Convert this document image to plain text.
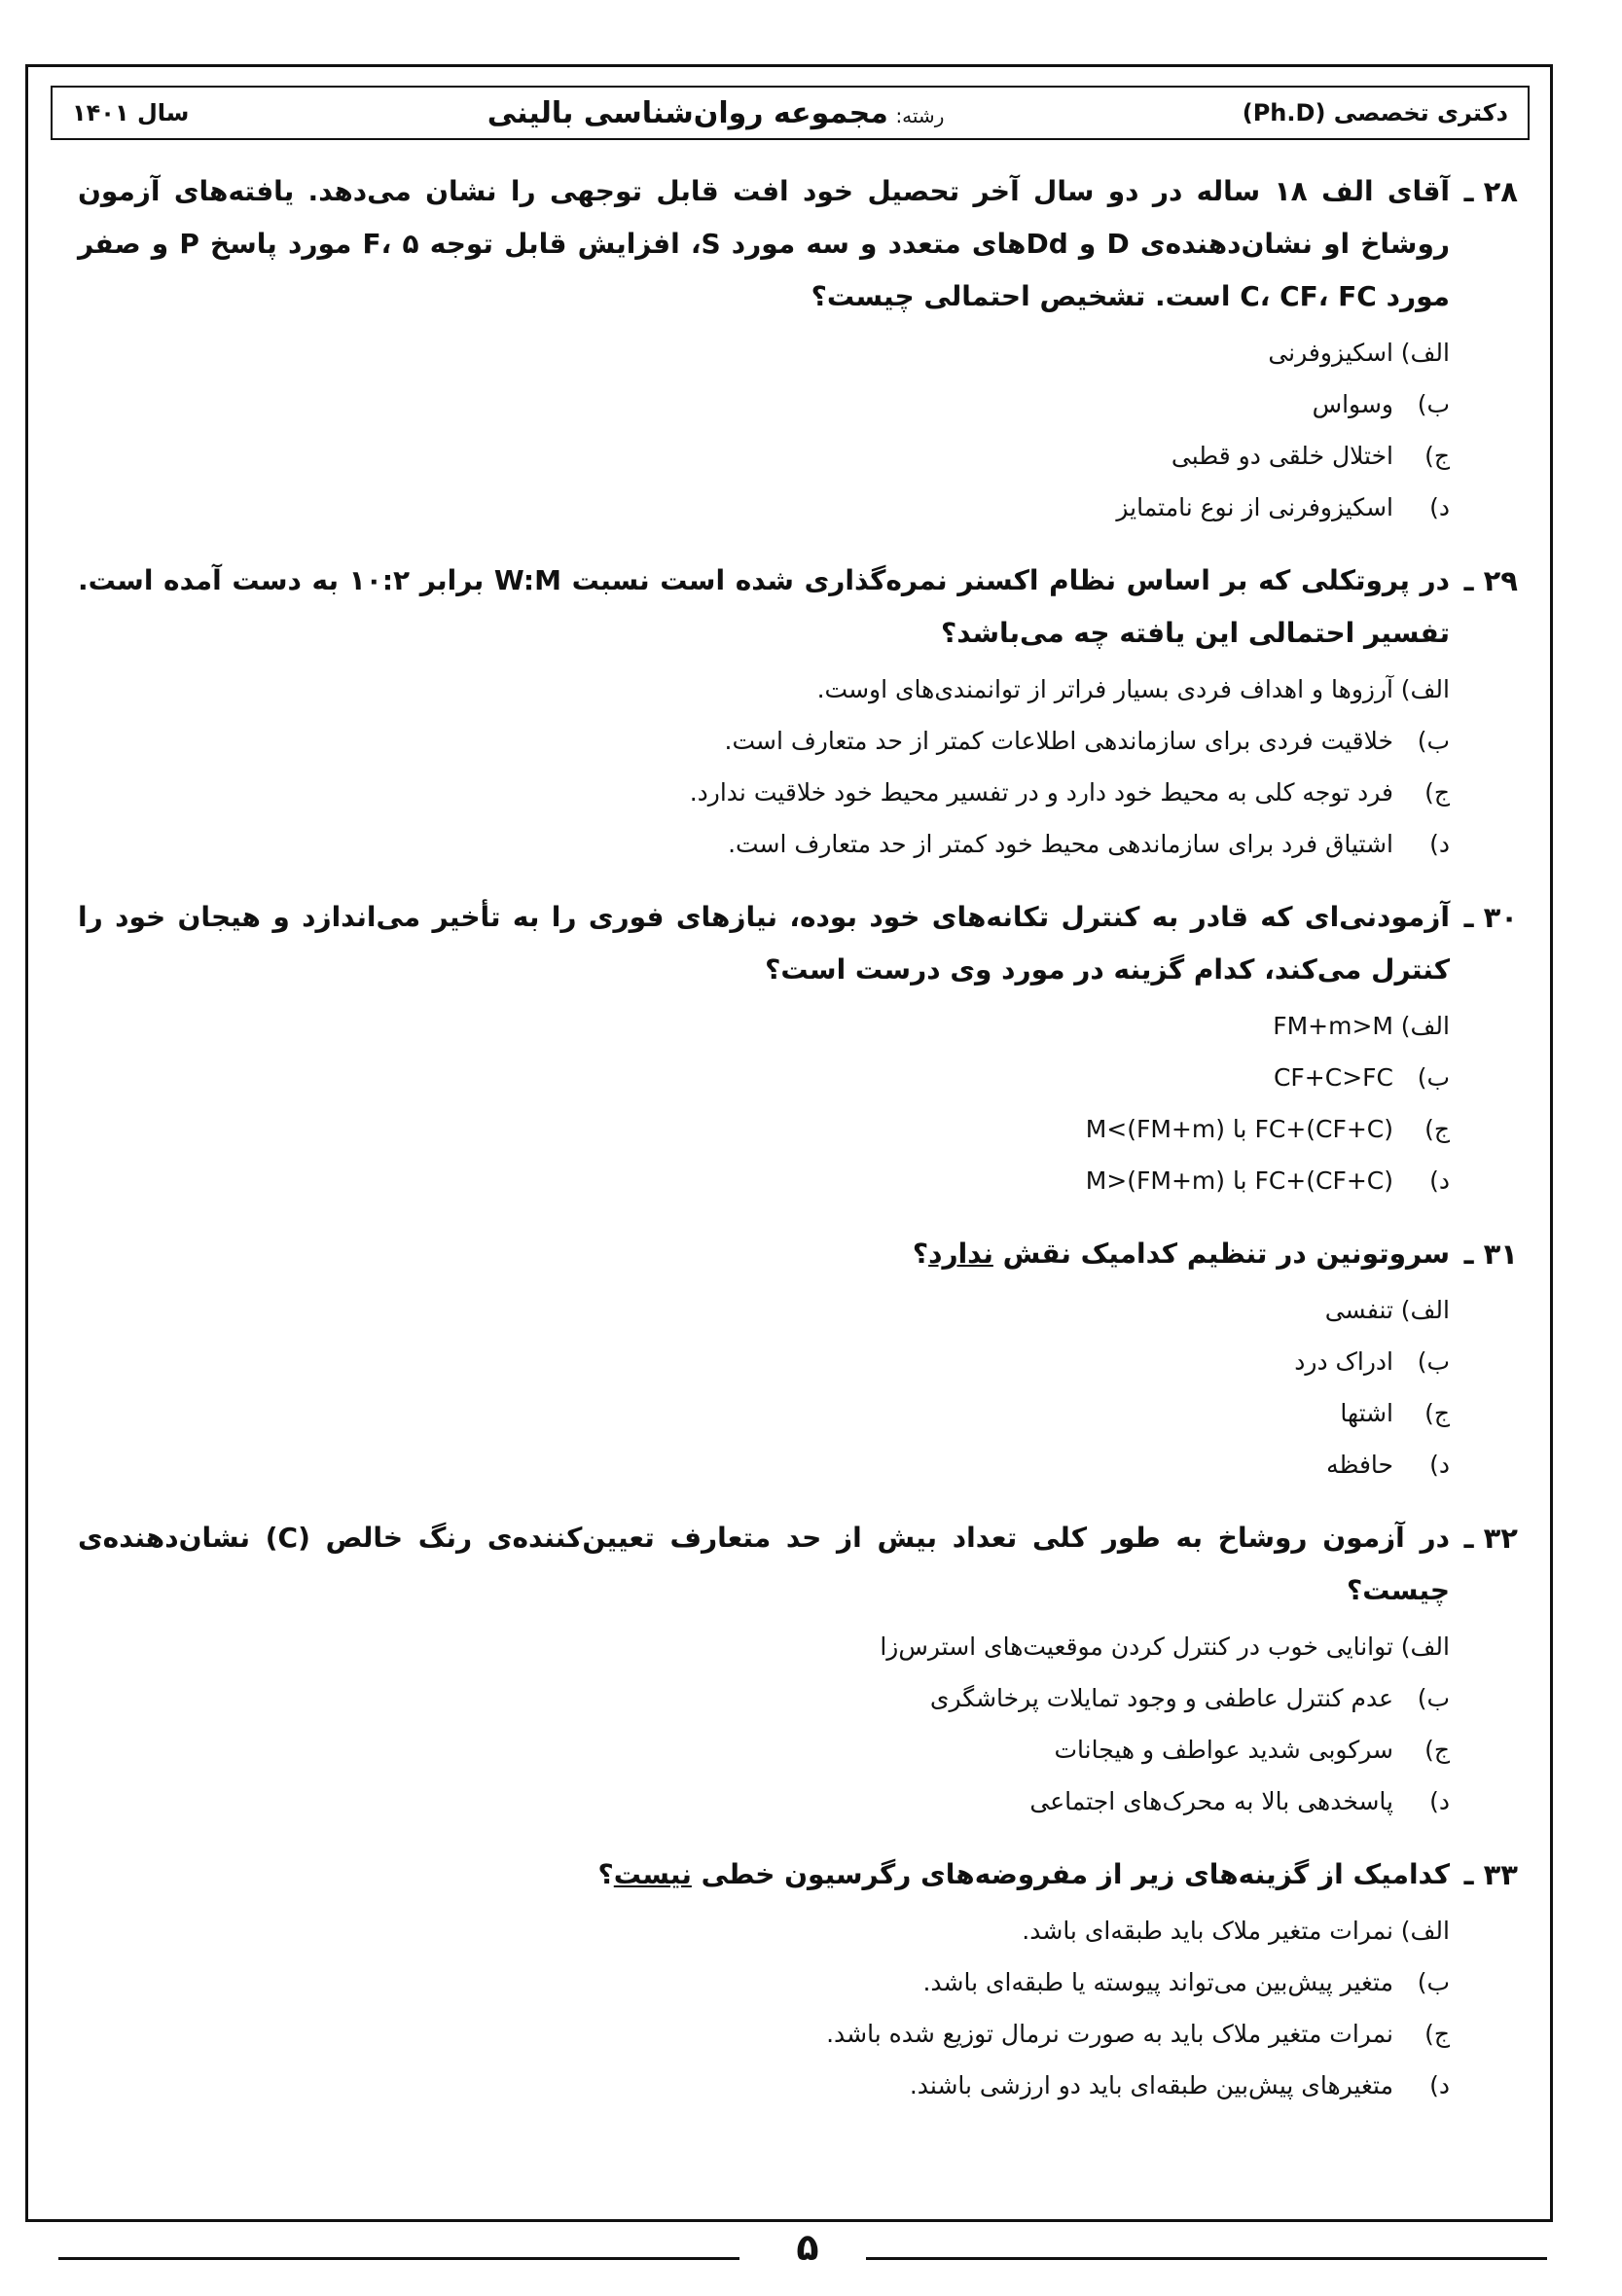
دکتری تخصصی (Ph.D)
رشته: مجموعه روان‌شناسی بالینی
سال ۱۴۰۱
۲۸ ـ
آقای الف ۱۸ ساله در دو سال آخر تحصیل خود افت قابل توجهی را نشان می‌دهد. یافته‌های آزمون روشاخ او نشان‌دهنده‌ی D و Ddهای متعدد و سه مورد S، افزایش قابل توجه F، ۵ مورد پاسخ P و صفر مورد C، CF، FC است. تشخیص احتمالی چیست؟
الف)
اسکیزوفرنی
ب)
وسواس
ج)
اختلال خلقی دو قطبی
د)
اسکیزوفرنی از نوع نامتمایز
۲۹ ـ
در پروتکلی که بر اساس نظام اکسنر نمره‌گذاری شده است نسبت W:M برابر ۱۰:۲ به دست آمده است. تفسیر احتمالی این یافته چه می‌باشد؟
الف)
آرزوها و اهداف فردی بسیار فراتر از توانمندی‌های اوست.
ب)
خلاقیت فردی برای سازماندهی اطلاعات کمتر از حد متعارف است.
ج)
فرد توجه کلی به محیط خود دارد و در تفسیر محیط خود خلاقیت ندارد.
د)
اشتیاق فرد برای سازماندهی محیط خود کمتر از حد متعارف است.
۳۰ ـ
آزمودنی‌ای که قادر به کنترل تکانه‌های خود بوده، نیازهای فوری را به تأخیر می‌اندازد و هیجان خود را کنترل می‌کند، کدام گزینه در مورد وی درست است؟
الف)
FM+m>M
ب)
CF+C>FC
ج)
FC+(CF+C) با (FM+m)>M
د)
FC+(CF+C) با M>(FM+m)
۳۱ ـ
سروتونین در تنظیم کدامیک نقش ندارد؟
الف)
تنفسی
ب)
ادراک درد
ج)
اشتها
د)
حافظه
۳۲ ـ
در آزمون روشاخ به طور کلی تعداد بیش از حد متعارف تعیین‌کننده‌ی رنگ خالص (C) نشان‌دهنده‌ی چیست؟
الف)
توانایی خوب در کنترل کردن موقعیت‌های استرس‌زا
ب)
عدم کنترل عاطفی و وجود تمایلات پرخاشگری
ج)
سرکوبی شدید عواطف و هیجانات
د)
پاسخدهی بالا به محرک‌های اجتماعی
۳۳ ـ
کدامیک از گزینه‌های زیر از مفروضه‌های رگرسیون خطی نیست؟
الف)
نمرات متغیر ملاک باید طبقه‌ای باشد.
ب)
متغیر پیش‌بین می‌تواند پیوسته یا طبقه‌ای باشد.
ج)
نمرات متغیر ملاک باید به صورت نرمال توزیع شده باشد.
د)
متغیرهای پیش‌بین طبقه‌ای باید دو ارزشی باشند.
۵
